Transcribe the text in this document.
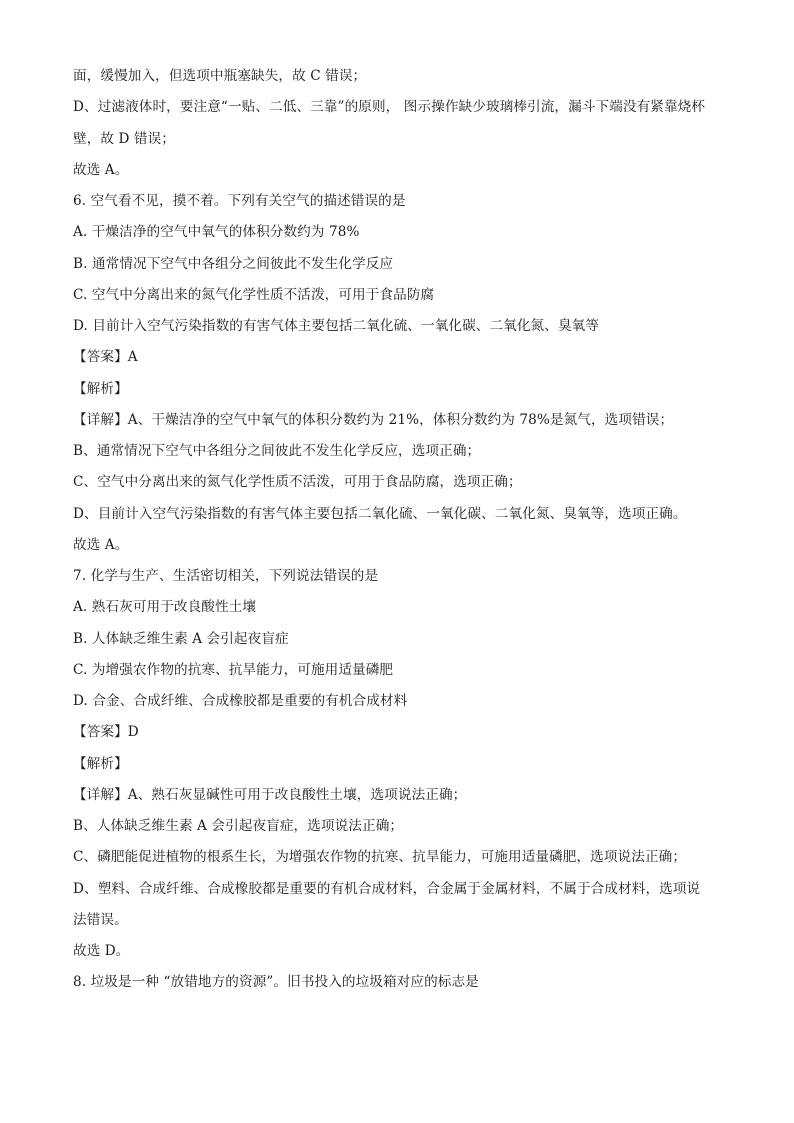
面，缓慢加入，但选项中瓶塞缺失，故 C 错误；
D、过滤液体时，要注意“一贴、二低、三靠”的原则， 图示操作缺少玻璃棒引流，漏斗下端没有紧靠烧杯
壁，故 D 错误；
故选 A。
6. 空气看不见，摸不着。下列有关空气的描述错误的是
A. 干燥洁净的空气中氧气的体积分数约为 78%
B. 通常情况下空气中各组分之间彼此不发生化学反应
C. 空气中分离出来的氮气化学性质不活泼，可用于食品防腐
D. 目前计入空气污染指数的有害气体主要包括二氧化硫、一氧化碳、二氧化氮、臭氧等
【答案】A
【解析】
【详解】A、干燥洁净的空气中氧气的体积分数约为 21%，体积分数约为 78%是氮气，选项错误；
B、通常情况下空气中各组分之间彼此不发生化学反应，选项正确；
C、空气中分离出来的氮气化学性质不活泼，可用于食品防腐，选项正确；
D、目前计入空气污染指数的有害气体主要包括二氧化硫、一氧化碳、二氧化氮、臭氧等，选项正确。
故选 A。
7. 化学与生产、生活密切相关，下列说法错误的是
A. 熟石灰可用于改良酸性土壤
B. 人体缺乏维生素 A 会引起夜盲症
C. 为增强农作物的抗寒、抗旱能力，可施用适量磷肥
D. 合金、合成纤维、合成橡胶都是重要的有机合成材料
【答案】D
【解析】
【详解】A、熟石灰显碱性可用于改良酸性土壤，选项说法正确；
B、人体缺乏维生素 A 会引起夜盲症，选项说法正确；
C、磷肥能促进植物的根系生长，为增强农作物的抗寒、抗旱能力，可施用适量磷肥，选项说法正确；
D、塑料、合成纤维、合成橡胶都是重要的有机合成材料，合金属于金属材料，不属于合成材料，选项说
法错误。
故选 D。
8. 垃圾是一种 “放错地方的资源”。旧书投入的垃圾箱对应的标志是
